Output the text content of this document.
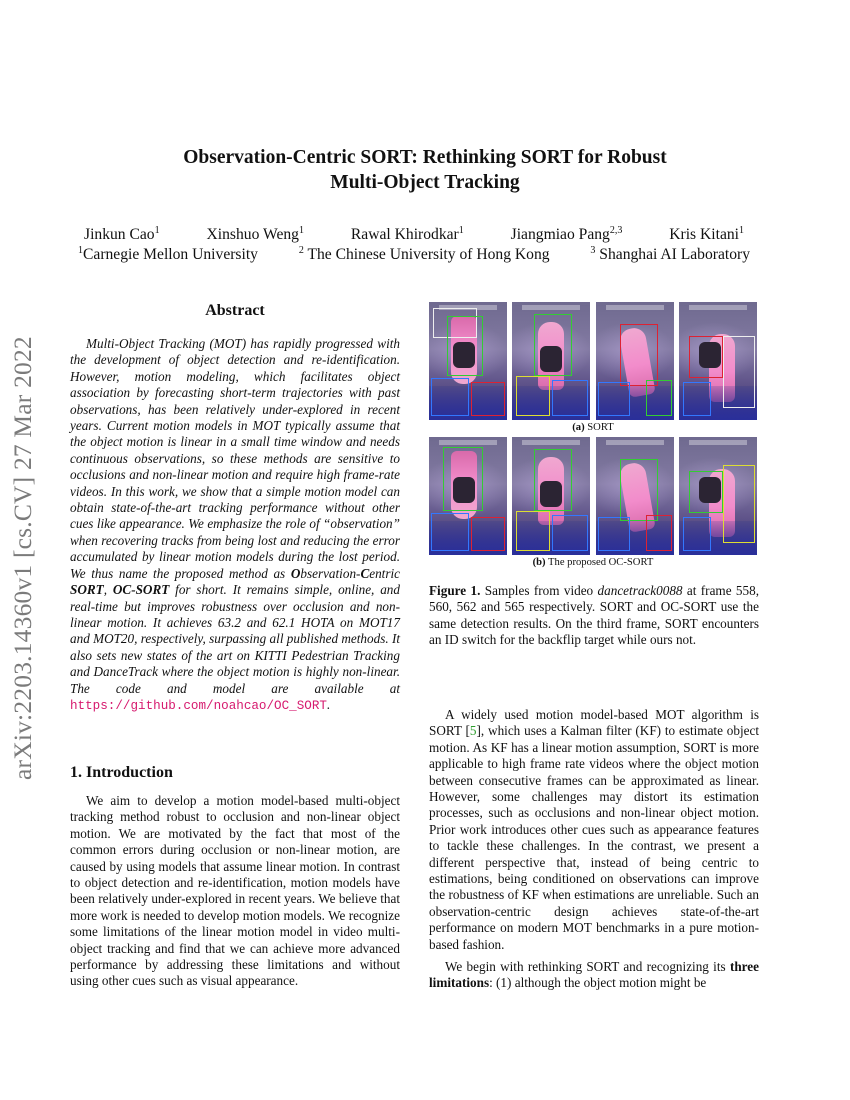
arXiv:2203.14360v1 [cs.CV] 27 Mar 2022
Observation-Centric SORT: Rethinking SORT for Robust
Multi-Object Tracking
Jinkun Cao$^1$	Xinshuo Weng$^1$	Rawal Khirodkar$^1$	Jiangmiao Pang$^{2,3}$	Kris Kitani$^1$
$^1$Carnegie Mellon University	$^2$ The Chinese University of Hong Kong	$^3$ Shanghai AI Laboratory
Abstract

Multi-Object Tracking (MOT) has rapidly progressed with the development of object detection and re-identification. However, motion modeling, which facilitates object association by forecasting short-term trajectories with past observations, has been relatively under-explored in recent years. Current motion models in MOT typically assume that the object motion is linear in a small time window and needs continuous observations, so these methods are sensitive to occlusions and non-linear motion and require high frame-rate videos. In this work, we show that a simple motion model can obtain state-of-the-art tracking performance without other cues like appearance. We emphasize the role of “observation” when recovering tracks from being lost and reducing the error accumulated by linear motion models during the lost period. We thus name the proposed method as Observation-Centric SORT, OC-SORT for short. It remains simple, online, and real-time but improves robustness over occlusion and non-linear motion. It achieves 63.2 and 62.1 HOTA on MOT17 and MOT20, respectively, surpassing all published methods. It also sets new states of the art on KITTI Pedestrian Tracking and DanceTrack where the object motion is highly non-linear. The code and model are available at https://github.com/noahcao/OC_SORT.

1. Introduction

We aim to develop a motion model-based multi-object tracking method robust to occlusion and non-linear object motion. We are motivated by the fact that most of the common errors during occlusion or non-linear motion, are caused by using models that assume linear motion. In contrast to object detection and re-identification, motion models have been relatively under-explored in recent years. We believe that more work is needed to develop motion models. We recognize some limitations of the linear motion model in video multi-object tracking and find that we can achieve more advanced performance by addressing these limitations and without using other cues such as visual appearance.

(a) SORT
(b) The proposed OC-SORT

Figure 1. Samples from video dancetrack0088 at frame 558, 560, 562 and 565 respectively. SORT and OC-SORT use the same detection results. On the third frame, SORT encounters an ID switch for the backflip target while ours not.

A widely used motion model-based MOT algorithm is SORT [5], which uses a Kalman filter (KF) to estimate object motion. As KF has a linear motion assumption, SORT is more applicable to high frame rate videos where the object motion between consecutive frames can be approximated as linear. However, some challenges may distort its estimation processes, such as occlusions and non-linear object motion. Prior work introduces other cues such as appearance features to tackle these challenges. In the contrast, we present a different perspective that, instead of being centric to estimations, being conditioned on observations can improve the robustness of KF when estimations are unreliable. Such an observation-centric design achieves state-of-the-art performance on modern MOT benchmarks in a pure motion-based fashion.

We begin with rethinking SORT and recognizing its three limitations: (1) although the object motion might be
